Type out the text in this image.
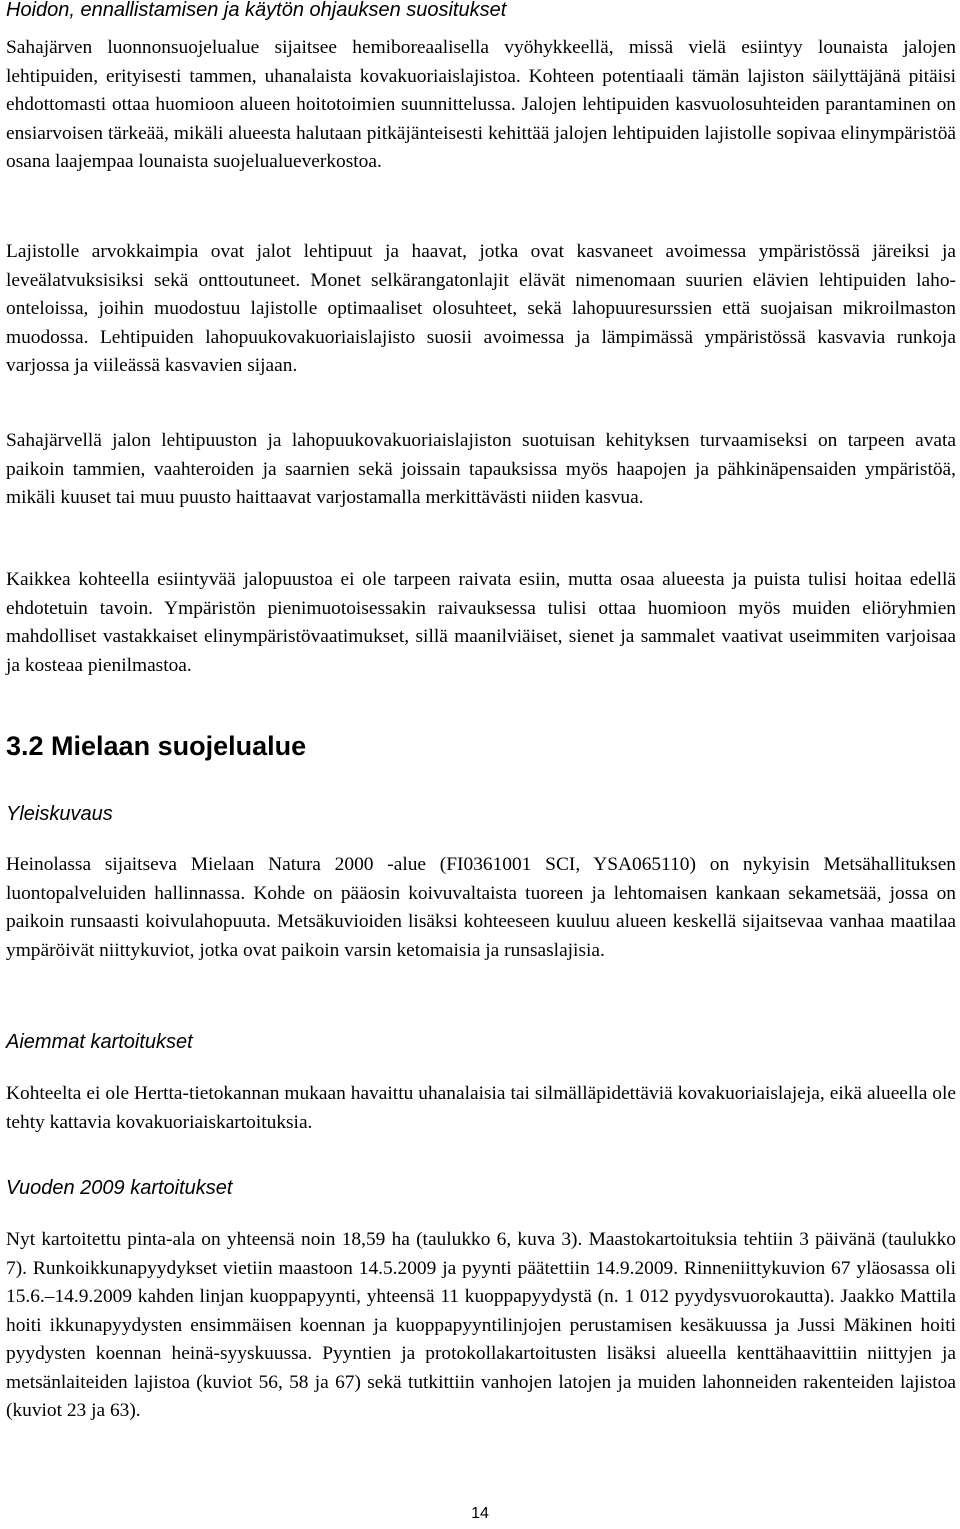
Hoidon, ennallistamisen ja käytön ohjauksen suositukset

Sahajärven luonnonsuojelualue sijaitsee hemiboreaalisella vyöhykkeellä, missä vielä esiintyy lounaista jalojen lehtipuiden, erityisesti tammen, uhanalaista kovakuoriaislajistoa. Kohteen potentiaali tämän lajiston säilyttäjänä pitäisi ehdottomasti ottaa huomioon alueen hoitotoimien suunnittelussa. Jalojen lehtipuiden kasvuolosuhteiden parantaminen on ensiarvoisen tärkeää, mikäli alueesta halutaan pitkäjänteisesti kehittää jalojen lehtipuiden lajistolle sopivaa elinympäristöä osana laajempaa lounaista suojelualueverkostoa.

Lajistolle arvokkaimpia ovat jalot lehtipuut ja haavat, jotka ovat kasvaneet avoimessa ympäristössä järeiksi ja leveälatvuksisiksi sekä onttoutuneet. Monet selkärangatonlajit elävät nimenomaan suurien elävien lehtipuiden laho-onteloissa, joihin muodostuu lajistolle optimaaliset olosuhteet, sekä lahopuuresurssien että suojaisan mikroilmaston muodossa. Lehtipuiden lahopuukovakuoriaislajisto suosii avoimessa ja lämpimässä ympäristössä kasvavia runkoja varjossa ja viileässä kasvavien sijaan.

Sahajärvellä jalon lehtipuuston ja lahopuukovakuoriaislajiston suotuisan kehityksen turvaamiseksi on tarpeen avata paikoin tammien, vaahteroiden ja saarnien sekä joissain tapauksissa myös haapojen ja pähkinäpensaiden ympäristöä, mikäli kuuset tai muu puusto haittaavat varjostamalla merkittävästi niiden kasvua.

Kaikkea kohteella esiintyvää jalopuustoa ei ole tarpeen raivata esiin, mutta osaa alueesta ja puista tulisi hoitaa edellä ehdotetuin tavoin. Ympäristön pienimuotoisessakin raivauksessa tulisi ottaa huomioon myös muiden eliöryhmien mahdolliset vastakkaiset elinympäristövaatimukset, sillä maanilviäiset, sienet ja sammalet vaativat useimmiten varjoisaa ja kosteaa pienilmastoa.

3.2 Mielaan suojelualue
Yleiskuvaus

Heinolassa sijaitseva Mielaan Natura 2000 -alue (FI0361001 SCI, YSA065110) on nykyisin Metsähallituksen luontopalveluiden hallinnassa. Kohde on pääosin koivuvaltaista tuoreen ja lehtomaisen kankaan sekametsää, jossa on paikoin runsaasti koivulahopuuta. Metsäkuvioiden lisäksi kohteeseen kuuluu alueen keskellä sijaitsevaa vanhaa maatilaa ympäröivät niittykuviot, jotka ovat paikoin varsin ketomaisia ja runsaslajisia.

Aiemmat kartoitukset

Kohteelta ei ole Hertta-tietokannan mukaan havaittu uhanalaisia tai silmälläpidettäviä kovakuoriaislajeja, eikä alueella ole tehty kattavia kovakuoriaiskartoituksia.

Vuoden 2009 kartoitukset

Nyt kartoitettu pinta-ala on yhteensä noin 18,59 ha (taulukko 6, kuva 3). Maastokartoituksia tehtiin 3 päivänä (taulukko 7). Runkoikkunapyydykset vietiin maastoon 14.5.2009 ja pyynti päätettiin 14.9.2009. Rinneniittykuvion 67 yläosassa oli 15.6.–14.9.2009 kahden linjan kuoppapyynti, yhteensä 11 kuoppapyydystä (n. 1 012 pyydysvuorokautta). Jaakko Mattila hoiti ikkunapyydysten ensimmäisen koennan ja kuoppapyyntilinjojen perustamisen kesäkuussa ja Jussi Mäkinen hoiti pyydysten koennan heinä-syyskuussa. Pyyntien ja protokollakartoitusten lisäksi alueella kenttähaavittiin niittyjen ja metsänlaiteiden lajistoa (kuviot 56, 58 ja 67) sekä tutkittiin vanhojen latojen ja muiden lahonneiden rakenteiden lajistoa (kuviot 23 ja 63).

14
